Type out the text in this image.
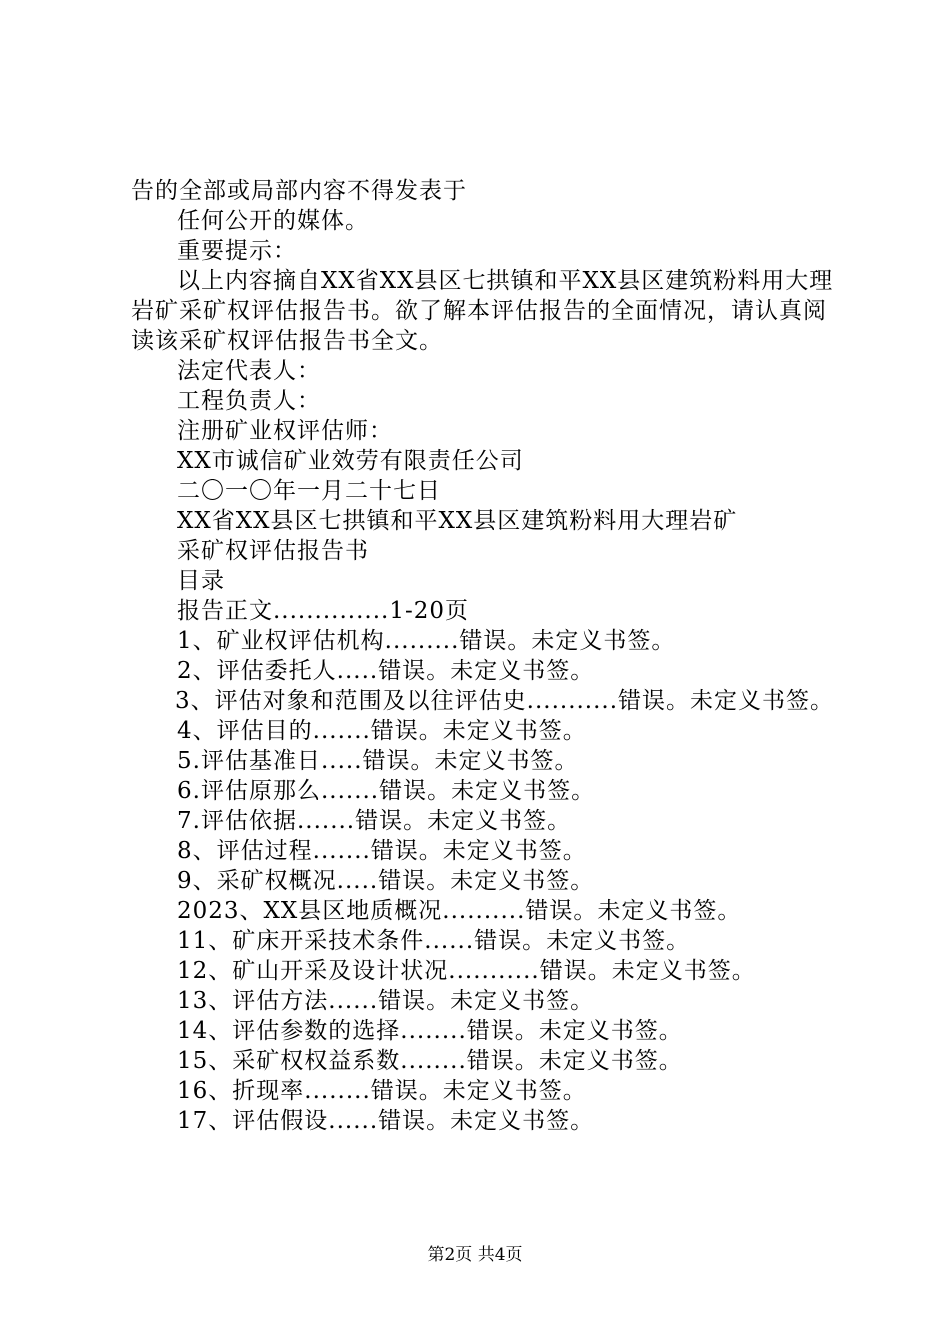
告的全部或局部内容不得发表于
任何公开的媒体。
重要提示：
以上内容摘自XX省XX县区七拱镇和平XX县区建筑粉料用大理岩矿采矿权评估报告书。欲了解本评估报告的全面情况，请认真阅读该采矿权评估报告书全文。
法定代表人：
工程负责人：
注册矿业权评估师：
XX市诚信矿业效劳有限责任公司
二〇一〇年一月二十七日
XX省XX县区七拱镇和平XX县区建筑粉料用大理岩矿
采矿权评估报告书
目录
报告正文..............1-20页
1、矿业权评估机构.........错误。未定义书签。
2、评估委托人.....错误。未定义书签。
3、评估对象和范围及以往评估史...........错误。未定义书签。
4、评估目的.......错误。未定义书签。
5.评估基准日.....错误。未定义书签。
6.评估原那么.......错误。未定义书签。
7.评估依据.......错误。未定义书签。
8、评估过程.......错误。未定义书签。
9、采矿权概况.....错误。未定义书签。
2023、XX县区地质概况..........错误。未定义书签。
11、矿床开采技术条件......错误。未定义书签。
12、矿山开采及设计状况...........错误。未定义书签。
13、评估方法......错误。未定义书签。
14、评估参数的选择........错误。未定义书签。
15、采矿权权益系数........错误。未定义书签。
16、折现率........错误。未定义书签。
17、评估假设......错误。未定义书签。
第2页 共4页
